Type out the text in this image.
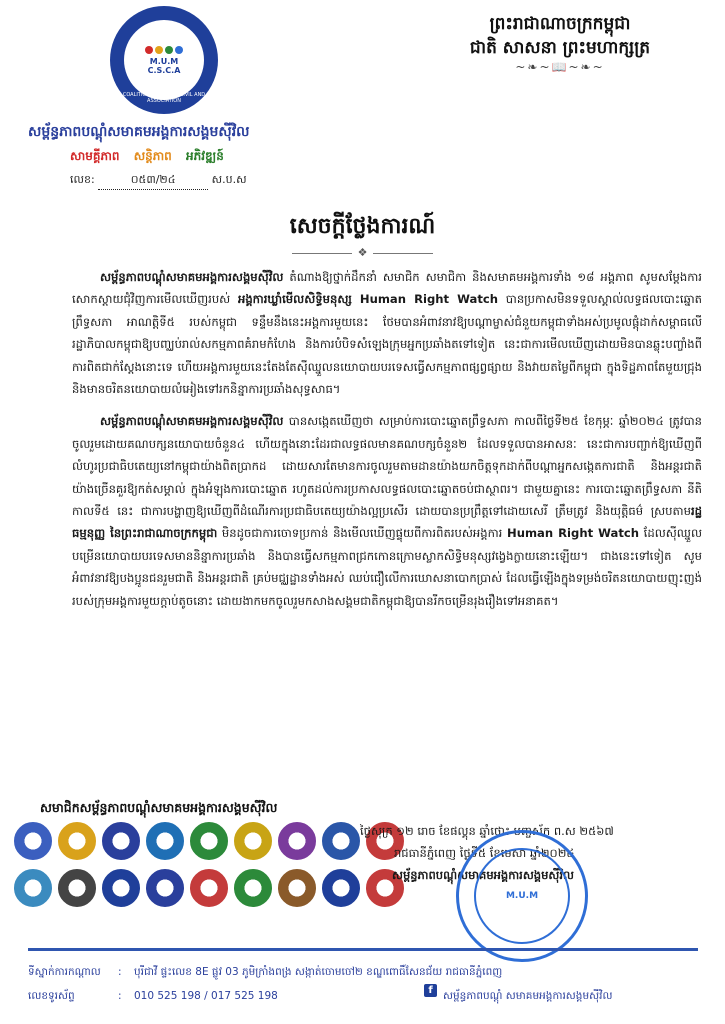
M.U.M
C.S.C.A
COALITION OF SOCIAL CIVIL AND ASSOCIATION
សម្ព័ន្ធភាពបណ្តុំសមាគមអង្គការសង្គមស៊ីវិល
សាមគ្គីភាព សន្តិភាព អភិវឌ្ឍន៍
លេខ:	០៥៣/២៤	ស.ប.ស
ព្រះរាជាណាចក្រកម្ពុជា
ជាតិ សាសនា ព្រះមហាក្សត្រ
~❧~📖~❧~
សេចក្តីថ្លែងការណ៍
❖

សម្ព័ន្ធភាពបណ្តុំសមាគមអង្គការសង្គមស៊ីវិល តំណាងឱ្យថ្នាក់ដឹកនាំ សមាជិក សមាជិកា និងសមាគមអង្គការទាំង ១៨ អង្គភាព សូមសម្តែងការសោកស្តាយជុំវិញការមើលឃើញរបស់ អង្គការឃ្លាំមើលសិទ្ធិមនុស្ស Human Right Watch បានប្រកាសមិនទទួលស្គាល់លទ្ធផលបោះឆ្នោតព្រឹទ្ធសភា អាណត្តិទី៥ របស់កម្ពុជា ទន្ទឹមនឹងនេះអង្គការមួយនេះ ថែមបានអំពាវនាវឱ្យបណ្តាម្ចាស់ជំនួយកម្ពុជាទាំងអស់ប្រមូលផ្តុំដាក់សម្ពាធលើរដ្ឋាភិបាលកម្ពុជាឱ្យបញ្ឈប់រាល់សកម្មភាពគំរាមកំហែង និងការបំបិទសំឡេងក្រុមអ្នកប្រឆាំងតទៅទៀត នេះជាការមើលឃើញដោយមិនបានឆ្លុះបញ្ចាំងពីការពិតជាក់ស្តែងនោះទេ ហើយអង្គការមួយនេះតែងតែស៊ីឈ្នួលនយោបាយបរទេសធ្វើសកម្មភាពផ្សព្វផ្សាយ និងវាយតម្លៃពីកម្ពុជា ក្នុងទិដ្ឋភាពតែមួយជ្រុង និងមានចរិតនយោបាយលំអៀងទៅរកនិន្នាការប្រឆាំងសុទ្ធសាធ។

សម្ព័ន្ធភាពបណ្តុំសមាគមអង្គការសង្គមស៊ីវិល បានសង្កេតឃើញថា សម្រាប់ការបោះឆ្នោតព្រឹទ្ធសភា កាលពីថ្ងៃទី២៥ ខែកុម្ភៈ ឆ្នាំ២០២៤ ត្រូវបានចូលរួមដោយគណបក្សនយោបាយចំនួន៤ ហើយក្នុងនោះដែរជាលទ្ធផលមានគណបក្សចំនួន២ ដែលទទួលបានអាសនៈ នេះជាការបញ្ជាក់ឱ្យឃើញពីលំហូរប្រជាធិបតេយ្យនៅកម្ពុជាយ៉ាងពិតប្រាកដ ដោយសារតែមានការចូលរួមតាមដានយ៉ាងយកចិត្តទុកដាក់ពីបណ្តាអ្នកសង្កេតការជាតិ និងអន្តរជាតិ យ៉ាងច្រើនគួរឱ្យកត់សម្គាល់ ក្នុងអំឡុងការបោះឆ្នោត រហូតដល់ការប្រកាសលទ្ធផលបោះឆ្នោតចប់ជាស្ថាពរ។ ជាមួយគ្នានេះ ការបោះឆ្នោតព្រឹទ្ធសភា នីតិកាលទី៥ នេះ ជាការបង្ហាញឱ្យឃើញពីដំណើរការប្រជាធិបតេយ្យយ៉ាងល្អប្រសើរ ដោយបានប្រព្រឹត្តទៅដោយសេរី ត្រឹមត្រូវ និងយុត្តិធម៌ ស្របតាមរដ្ឋធម្មនុញ្ញ នៃព្រះរាជាណាចក្រកម្ពុជា មិនដូចជាការចោទប្រកាន់ និងមើលឃើញផ្ទុយពីការពិតរបស់អង្គការ Human Right Watch ដែលស៊ីឈ្នួលបម្រើនយោបាយបរទេសមាននិន្នាការប្រឆាំង និងបានធ្វើសកម្មភាពជ្រកកោនក្រោមស្លាកសិទ្ធិមនុស្សវង្វេងក្លាយនោះឡើយ។ ជាងនេះទៅទៀត សូមអំពាវនាវឱ្យបងប្អូនជនរួមជាតិ និងអន្តរជាតិ គ្រប់មជ្ឈដ្ឋានទាំងអស់ ឈប់ជឿលើការឃោសនាបោកប្រាស់ ដែលធ្វើឡើងក្នុងទម្រង់ចរិតនយោបាយញុះញង់ របស់ក្រុមអង្គការមួយក្តាប់តូចនោះ ដោយងាកមកចូលរួមកសាងសង្គមជាតិកម្ពុជាឱ្យបានរីកចម្រើនរុងរឿងទៅអនាគត។

សមាជិកសម្ព័ន្ធភាពបណ្តុំសមាគមអង្គការសង្គមស៊ីវិល
ថ្ងៃសុក្រ ១២ រោច ខែផល្គុន ឆ្នាំថោះ បញ្ចស័ក ព.ស ២៥៦៧
រាជធានីភ្នំពេញ ថ្ងៃទី៥ ខែមេសា ឆ្នាំ២០២៤
សម្ព័ន្ធភាពបណ្តុំសមាគមអង្គការសង្គមស៊ីវិល
M.U.M
ទីស្នាក់ការកណ្តាល	:	បុរីជាវី ផ្ទះលេខ 8E ផ្លូវ 03 ភូមិក្រាំងពង្រ សង្កាត់ចោមចៅ២ ខណ្ឌពោធិ៍សែនជ័យ រាជធានីភ្នំពេញ
លេខទូរស័ព្ទ	:	010 525 198 / 017 525 198	f សម្ព័ន្ធភាពបណ្តុំ សមាគមអង្គការសង្គមស៊ីវិល
